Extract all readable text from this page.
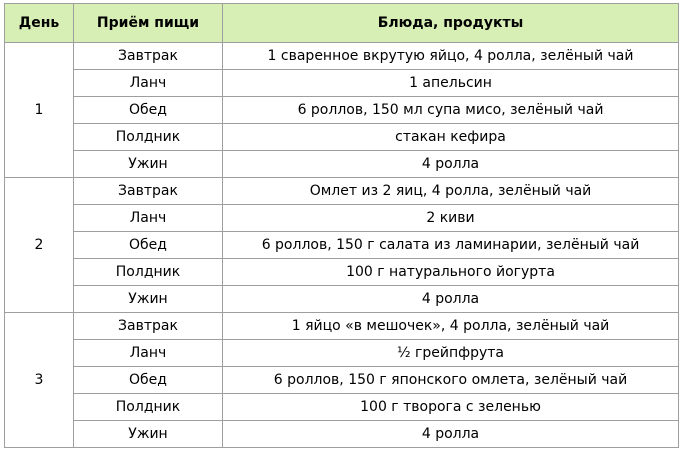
День	Приём пищи	Блюда, продукты
1	Завтрак	1 сваренное вкрутую яйцо, 4 ролла, зелёный чай
	Ланч	1 апельсин
	Обед	6 роллов, 150 мл супа мисо, зелёный чай
	Полдник	стакан кефира
	Ужин	4 ролла
2	Завтрак	Омлет из 2 яиц, 4 ролла, зелёный чай
	Ланч	2 киви
	Обед	6 роллов, 150 г салата из ламинарии, зелёный чай
	Полдник	100 г натурального йогурта
	Ужин	4 ролла
3	Завтрак	1 яйцо «в мешочек», 4 ролла, зелёный чай
	Ланч	½ грейпфрута
	Обед	6 роллов, 150 г японского омлета, зелёный чай
	Полдник	100 г творога с зеленью
	Ужин	4 ролла
